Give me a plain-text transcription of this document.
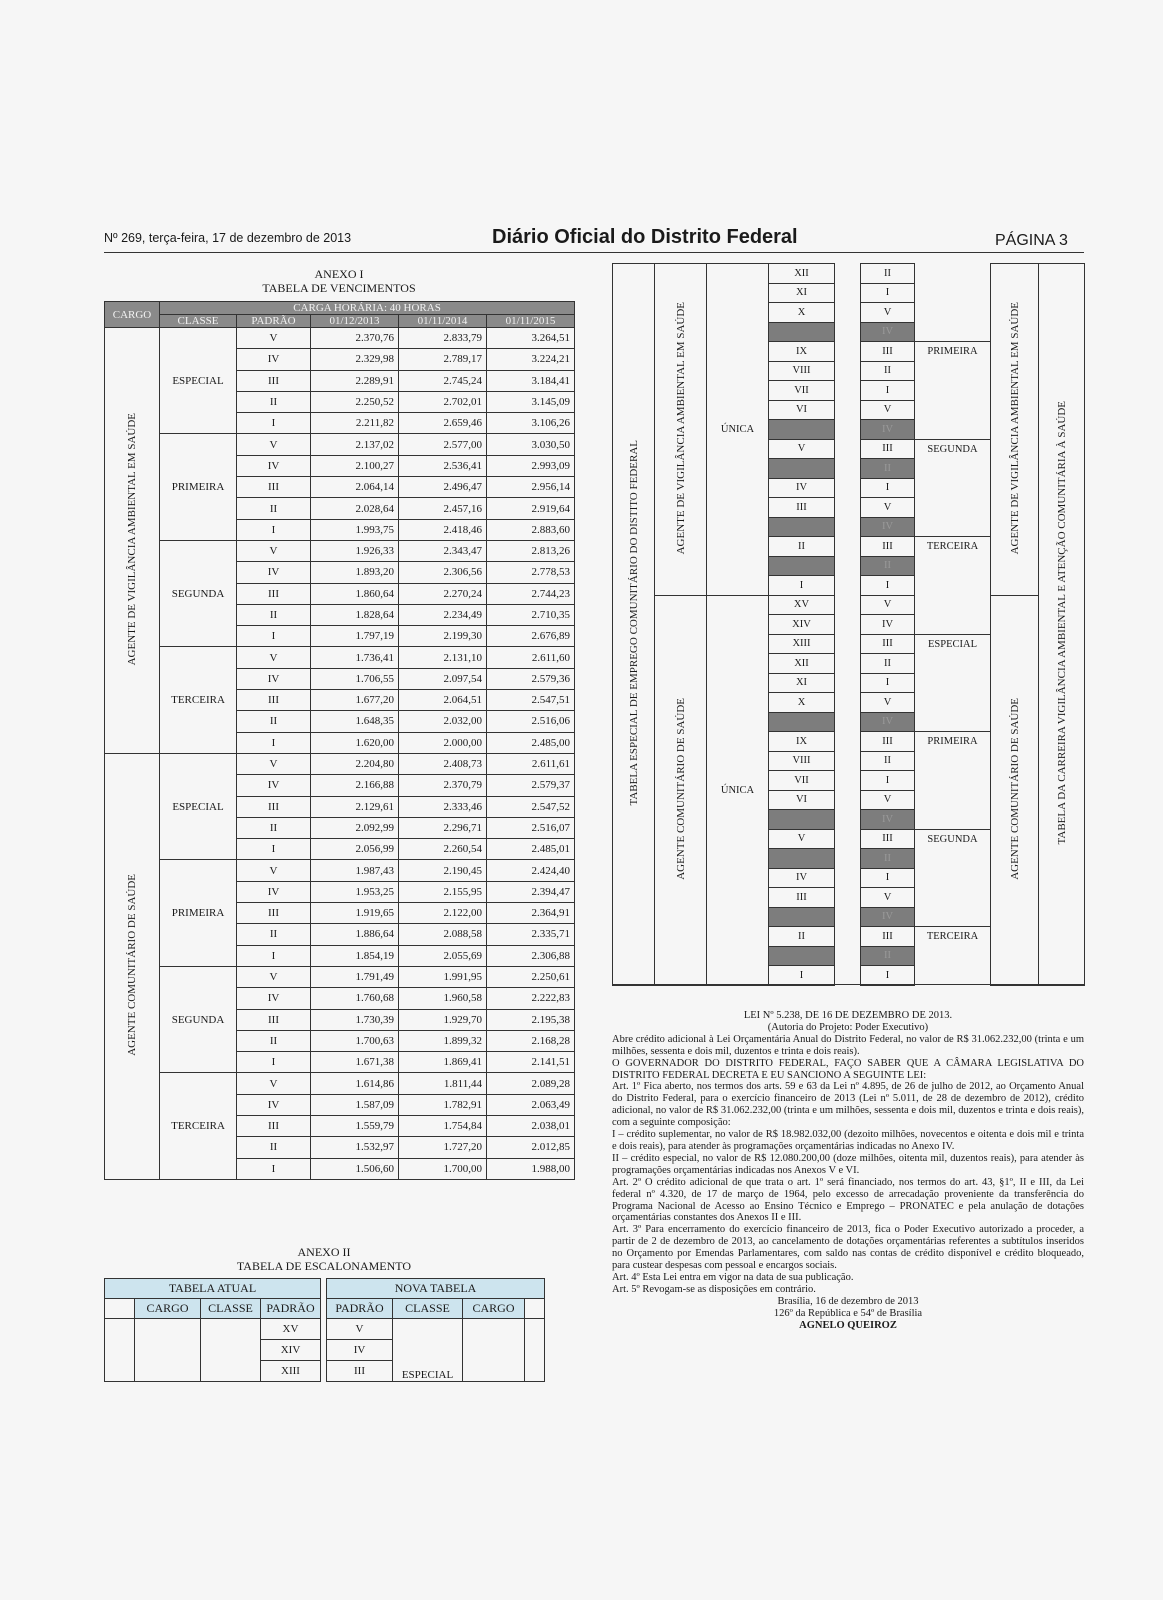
Nº 269, terça-feira, 17 de dezembro de 2013	Diário Oficial do Distrito Federal	PÁGINA 3
ANEXO I
TABELA DE VENCIMENTOS
CARGO	CARGA HORÁRIA: 40 HORAS				
	CLASSE	PADRÃO	01/12/2013	01/11/2014	01/11/2015
AGENTE DE VIGILÂNCIA AMBIENTAL EM SAÚDE	ESPECIAL	V	2.370,76	2.833,79	3.264,51
		IV	2.329,98	2.789,17	3.224,21
		III	2.289,91	2.745,24	3.184,41
		II	2.250,52	2.702,01	3.145,09
		I	2.211,82	2.659,46	3.106,26
	PRIMEIRA	V	2.137,02	2.577,00	3.030,50
		IV	2.100,27	2.536,41	2.993,09
		III	2.064,14	2.496,47	2.956,14
		II	2.028,64	2.457,16	2.919,64
		I	1.993,75	2.418,46	2.883,60
	SEGUNDA	V	1.926,33	2.343,47	2.813,26
		IV	1.893,20	2.306,56	2.778,53
		III	1.860,64	2.270,24	2.744,23
		II	1.828,64	2.234,49	2.710,35
		I	1.797,19	2.199,30	2.676,89
	TERCEIRA	V	1.736,41	2.131,10	2.611,60
		IV	1.706,55	2.097,54	2.579,36
		III	1.677,20	2.064,51	2.547,51
		II	1.648,35	2.032,00	2.516,06
		I	1.620,00	2.000,00	2.485,00
AGENTE COMUNITÁRIO DE SAÚDE	ESPECIAL	V	2.204,80	2.408,73	2.611,61
		IV	2.166,88	2.370,79	2.579,37
		III	2.129,61	2.333,46	2.547,52
		II	2.092,99	2.296,71	2.516,07
		I	2.056,99	2.260,54	2.485,01
	PRIMEIRA	V	1.987,43	2.190,45	2.424,40
		IV	1.953,25	2.155,95	2.394,47
		III	1.919,65	2.122,00	2.364,91
		II	1.886,64	2.088,58	2.335,71
		I	1.854,19	2.055,69	2.306,88
	SEGUNDA	V	1.791,49	1.991,95	2.250,61
		IV	1.760,68	1.960,58	2.222,83
		III	1.730,39	1.929,70	2.195,38
		II	1.700,63	1.899,32	2.168,28
		I	1.671,38	1.869,41	2.141,51
	TERCEIRA	V	1.614,86	1.811,44	2.089,28
		IV	1.587,09	1.782,91	2.063,49
		III	1.559,79	1.754,84	2.038,01
		II	1.532,97	1.727,20	2.012,85
		I	1.506,60	1.700,00	1.988,00
ANEXO II
TABELA DE ESCALONAMENTO
TABELA ATUAL					NOVA TABELA			
	CARGO	CLASSE	PADRÃO		PADRÃO	CLASSE	CARGO	
			XV		V	ESPECIAL		
			XIV		IV			
			XIII		III			
TABELA ESPECIAL DE EMPREGO COMUNITÁRIO DO DISTITO FEDERAL	AGENTE DE VIGILÂNCIA AMBIENTAL EM SAÚDE	ÚNICA	XII		II		AGENTE DE VIGILÂNCIA AMBIENTAL EM SAÚDE	TABELA DA CARREIRA VIGILÂNCIA AMBIENTAL E ATENÇÃO COMUNITÁRIA À SAÚDE
			XI		I			
			X		V			
					IV			
			IX		III	PRIMEIRA		
			VIII		II			
			VII		I			
			VI		V			
					IV			
			V		III	SEGUNDA		
					II			
			IV		I			
			III		V			
					IV			
			II		III	TERCEIRA		
					II			
			I		I			
	AGENTE COMUNITÁRIO DE SAÚDE	ÚNICA	XV		V		AGENTE COMUNITÁRIO DE SAÚDE	
			XIV		IV			
			XIII		III	ESPECIAL		
			XII		II			
			XI		I			
			X		V			
					IV			
			IX		III	PRIMEIRA		
			VIII		II			
			VII		I			
			VI		V			
					IV			
			V		III	SEGUNDA		
					II			
			IV		I			
			III		V			
					IV			
			II		III	TERCEIRA		
					II			
			I		I			

LEI Nº 5.238, DE 16 DE DEZEMBRO DE 2013.

(Autoria do Projeto: Poder Executivo)

Abre crédito adicional à Lei Orçamentária Anual do Distrito Federal, no valor de R$ 31.062.232,00 (trinta e um milhões, sessenta e dois mil, duzentos e trinta e dois reais).

O GOVERNADOR DO DISTRITO FEDERAL, FAÇO SABER QUE A CÂMARA LEGISLATIVA DO DISTRITO FEDERAL DECRETA E EU SANCIONO A SEGUINTE LEI:

Art. 1º Fica aberto, nos termos dos arts. 59 e 63 da Lei nº 4.895, de 26 de julho de 2012, ao Orçamento Anual do Distrito Federal, para o exercício financeiro de 2013 (Lei nº 5.011, de 28 de dezembro de 2012), crédito adicional, no valor de R$ 31.062.232,00 (trinta e um milhões, sessenta e dois mil, duzentos e trinta e dois reais), com a seguinte composição:

I – crédito suplementar, no valor de R$ 18.982.032,00 (dezoito milhões, novecentos e oitenta e dois mil e trinta e dois reais), para atender às programações orçamentárias indicadas no Anexo IV.

II – crédito especial, no valor de R$ 12.080.200,00 (doze milhões, oitenta mil, duzentos reais), para atender às programações orçamentárias indicadas nos Anexos V e VI.

Art. 2º O crédito adicional de que trata o art. 1º será financiado, nos termos do art. 43, §1º, II e III, da Lei federal nº 4.320, de 17 de março de 1964, pelo excesso de arrecadação proveniente da transferência do Programa Nacional de Acesso ao Ensino Técnico e Emprego – PRONATEC e pela anulação de dotações orçamentárias constantes dos Anexos II e III.

Art. 3º Para encerramento do exercício financeiro de 2013, fica o Poder Executivo autorizado a proceder, a partir de 2 de dezembro de 2013, ao cancelamento de dotações orçamentárias referentes a subtítulos inseridos no Orçamento por Emendas Parlamentares, com saldo nas contas de crédito disponível e crédito bloqueado, para custear despesas com pessoal e encargos sociais.

Art. 4º Esta Lei entra em vigor na data de sua publicação.

Art. 5º Revogam-se as disposições em contrário.

Brasília, 16 de dezembro de 2013

126º da República e 54º de Brasília

AGNELO QUEIROZ
